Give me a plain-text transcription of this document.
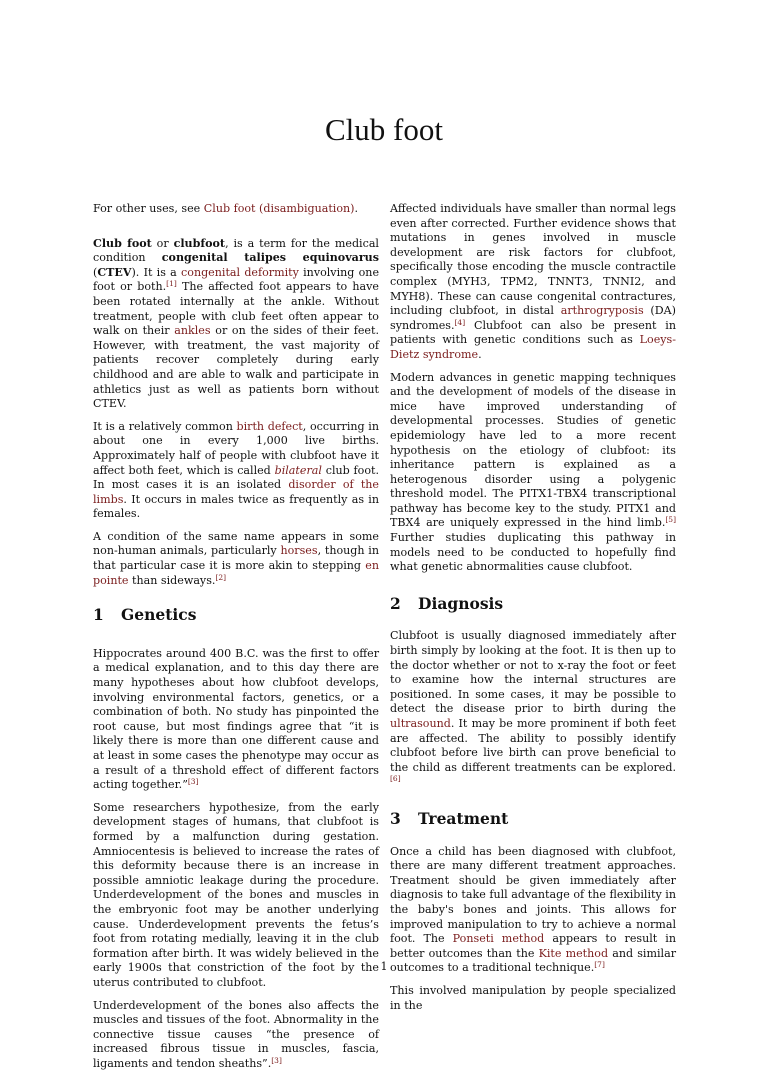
Club foot

For other uses, see Club foot (disambiguation).

Club foot or clubfoot, is a term for the medical condition congenital talipes equinovarus (CTEV). It is a congenital deformity involving one foot or both.[1] The affected foot appears to have been rotated internally at the ankle. Without treatment, people with club feet often appear to walk on their ankles or on the sides of their feet. However, with treatment, the vast majority of patients recover completely during early childhood and are able to walk and participate in athletics just as well as patients born without CTEV.

It is a relatively common birth defect, occurring in about one in every 1,000 live births. Approximately half of people with clubfoot have it affect both feet, which is called bilateral club foot. In most cases it is an isolated disorder of the limbs. It occurs in males twice as frequently as in females.

A condition of the same name appears in some non-human animals, particularly horses, though in that particular case it is more akin to stepping en pointe than sideways.[2]

1 Genetics

Hippocrates around 400 B.C. was the first to offer a medical explanation, and to this day there are many hypotheses about how clubfoot develops, involving environmental factors, genetics, or a combination of both. No study has pinpointed the root cause, but most findings agree that “it is likely there is more than one different cause and at least in some cases the phenotype may occur as a result of a threshold effect of different factors acting together.”[3]

Some researchers hypothesize, from the early development stages of humans, that clubfoot is formed by a malfunction during gestation. Amniocentesis is believed to increase the rates of this deformity because there is an increase in possible amniotic leakage during the procedure. Underdevelopment of the bones and muscles in the embryonic foot may be another underlying cause. Underdevelopment prevents the fetus’s foot from rotating medially, leaving it in the club formation after birth. It was widely believed in the early 1900s that constriction of the foot by the uterus contributed to clubfoot.

Underdevelopment of the bones also affects the muscles and tissues of the foot. Abnormality in the connective tissue causes “the presence of increased fibrous tissue in muscles, fascia, ligaments and tendon sheaths”.[3]

Affected individuals have smaller than normal legs even after corrected. Further evidence shows that mutations in genes involved in muscle development are risk factors for clubfoot, specifically those encoding the muscle contractile complex (MYH3, TPM2, TNNT3, TNNI2, and MYH8). These can cause congenital contractures, including clubfoot, in distal arthrogryposis (DA) syndromes.[4] Clubfoot can also be present in patients with genetic conditions such as Loeys-Dietz syndrome.

Modern advances in genetic mapping techniques and the development of models of the disease in mice have improved understanding of developmental processes. Studies of genetic epidemiology have led to a more recent hypothesis on the etiology of clubfoot: its inheritance pattern is explained as a heterogenous disorder using a polygenic threshold model. The PITX1-TBX4 transcriptional pathway has become key to the study. PITX1 and TBX4 are uniquely expressed in the hind limb.[5] Further studies duplicating this pathway in models need to be conducted to hopefully find what genetic abnormalities cause clubfoot.

2 Diagnosis

Clubfoot is usually diagnosed immediately after birth simply by looking at the foot. It is then up to the doctor whether or not to x-ray the foot or feet to examine how the internal structures are positioned. In some cases, it may be possible to detect the disease prior to birth during the ultrasound. It may be more prominent if both feet are affected. The ability to possibly identify clubfoot before live birth can prove beneficial to the child as different treatments can be explored.[6]

3 Treatment

Once a child has been diagnosed with clubfoot, there are many different treatment approaches. Treatment should be given immediately after diagnosis to take full advantage of the flexibility in the baby's bones and joints. This allows for improved manipulation to try to achieve a normal foot. The Ponseti method appears to result in better outcomes than the Kite method and similar outcomes to a traditional technique.[7]

This involved manipulation by people specialized in the

1
